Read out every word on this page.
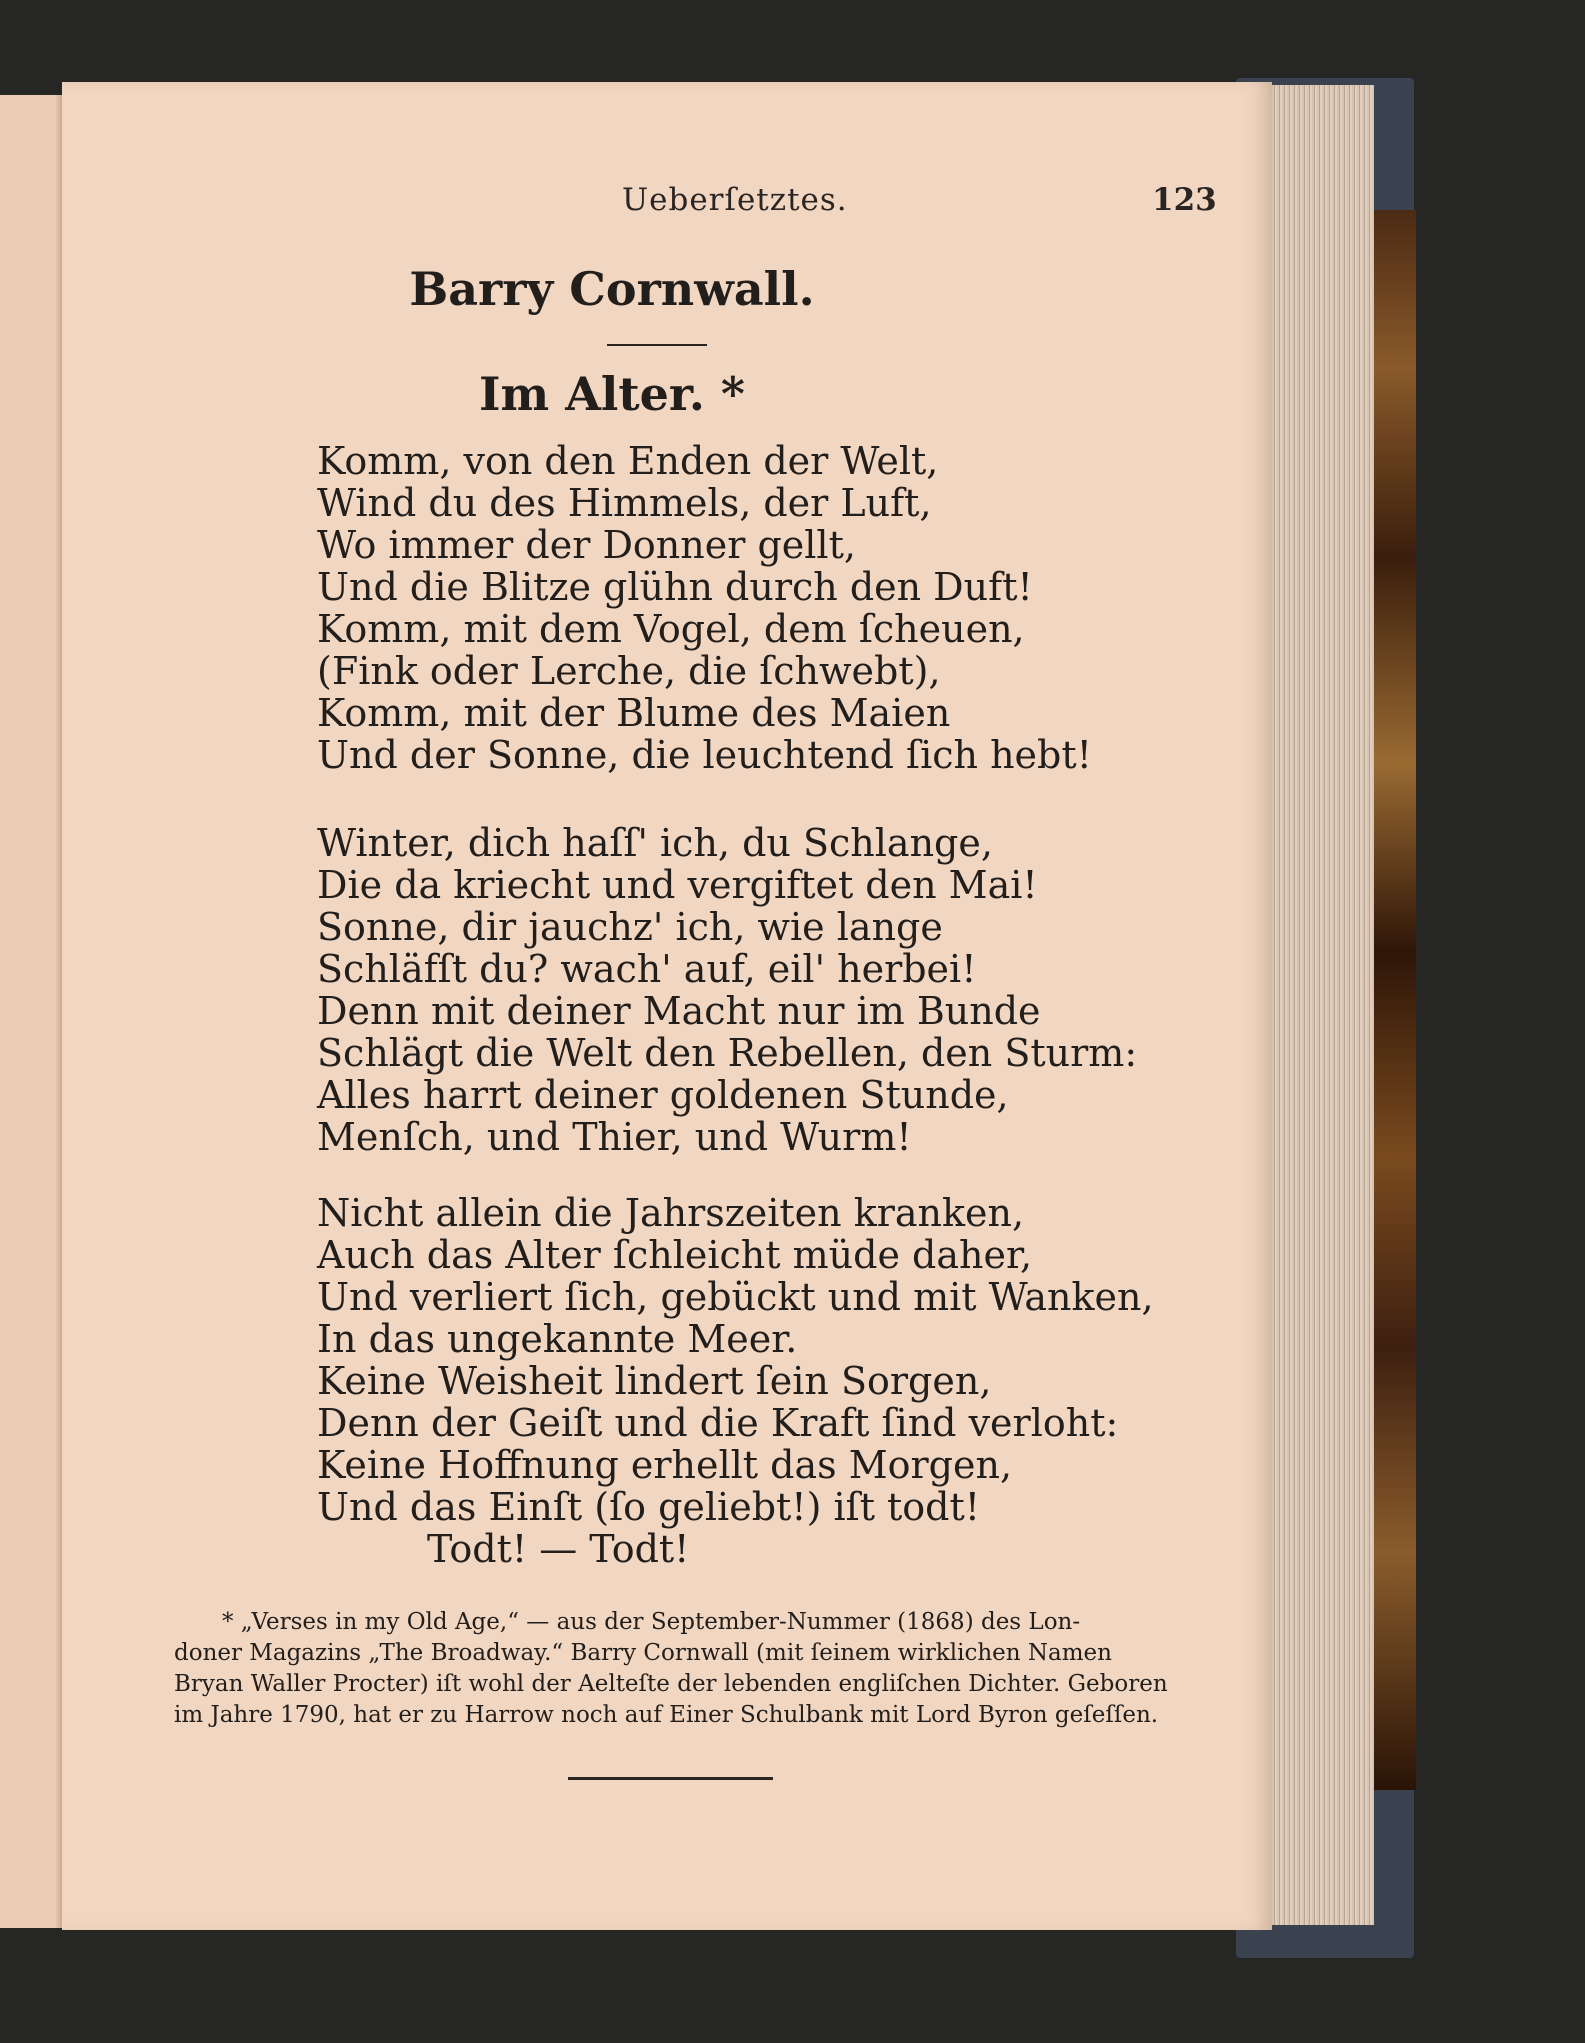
Ueberſetztes.	123
Barry Cornwall.
Im Alter. *
Komm, von den Enden der Welt,
Wind du des Himmels, der Luft,
Wo immer der Donner gellt,
Und die Blitze glühn durch den Duft!
Komm, mit dem Vogel, dem ſcheuen,
(Fink oder Lerche, die ſchwebt),
Komm, mit der Blume des Maien
Und der Sonne, die leuchtend ſich hebt!
Winter, dich haſſ' ich, du Schlange,
Die da kriecht und vergiftet den Mai!
Sonne, dir jauchz' ich, wie lange
Schläfſt du? wach' auf, eil' herbei!
Denn mit deiner Macht nur im Bunde
Schlägt die Welt den Rebellen, den Sturm:
Alles harrt deiner goldenen Stunde,
Menſch, und Thier, und Wurm!
Nicht allein die Jahrszeiten kranken,
Auch das Alter ſchleicht müde daher,
Und verliert ſich, gebückt und mit Wanken,
In das ungekannte Meer.
Keine Weisheit lindert ſein Sorgen,
Denn der Geiſt und die Kraft ſind verloht:
Keine Hoffnung erhellt das Morgen,
Und das Einſt (ſo geliebt!) iſt todt!
Todt! — Todt!
* „Verses in my Old Age,“ — aus der September-Nummer (1868) des Lon-
doner Magazins „The Broadway.“ Barry Cornwall (mit ſeinem wirklichen Namen
Bryan Waller Procter) iſt wohl der Aelteſte der lebenden engliſchen Dichter. Geboren
im Jahre 1790, hat er zu Harrow noch auf Einer Schulbank mit Lord Byron geſeſſen.
